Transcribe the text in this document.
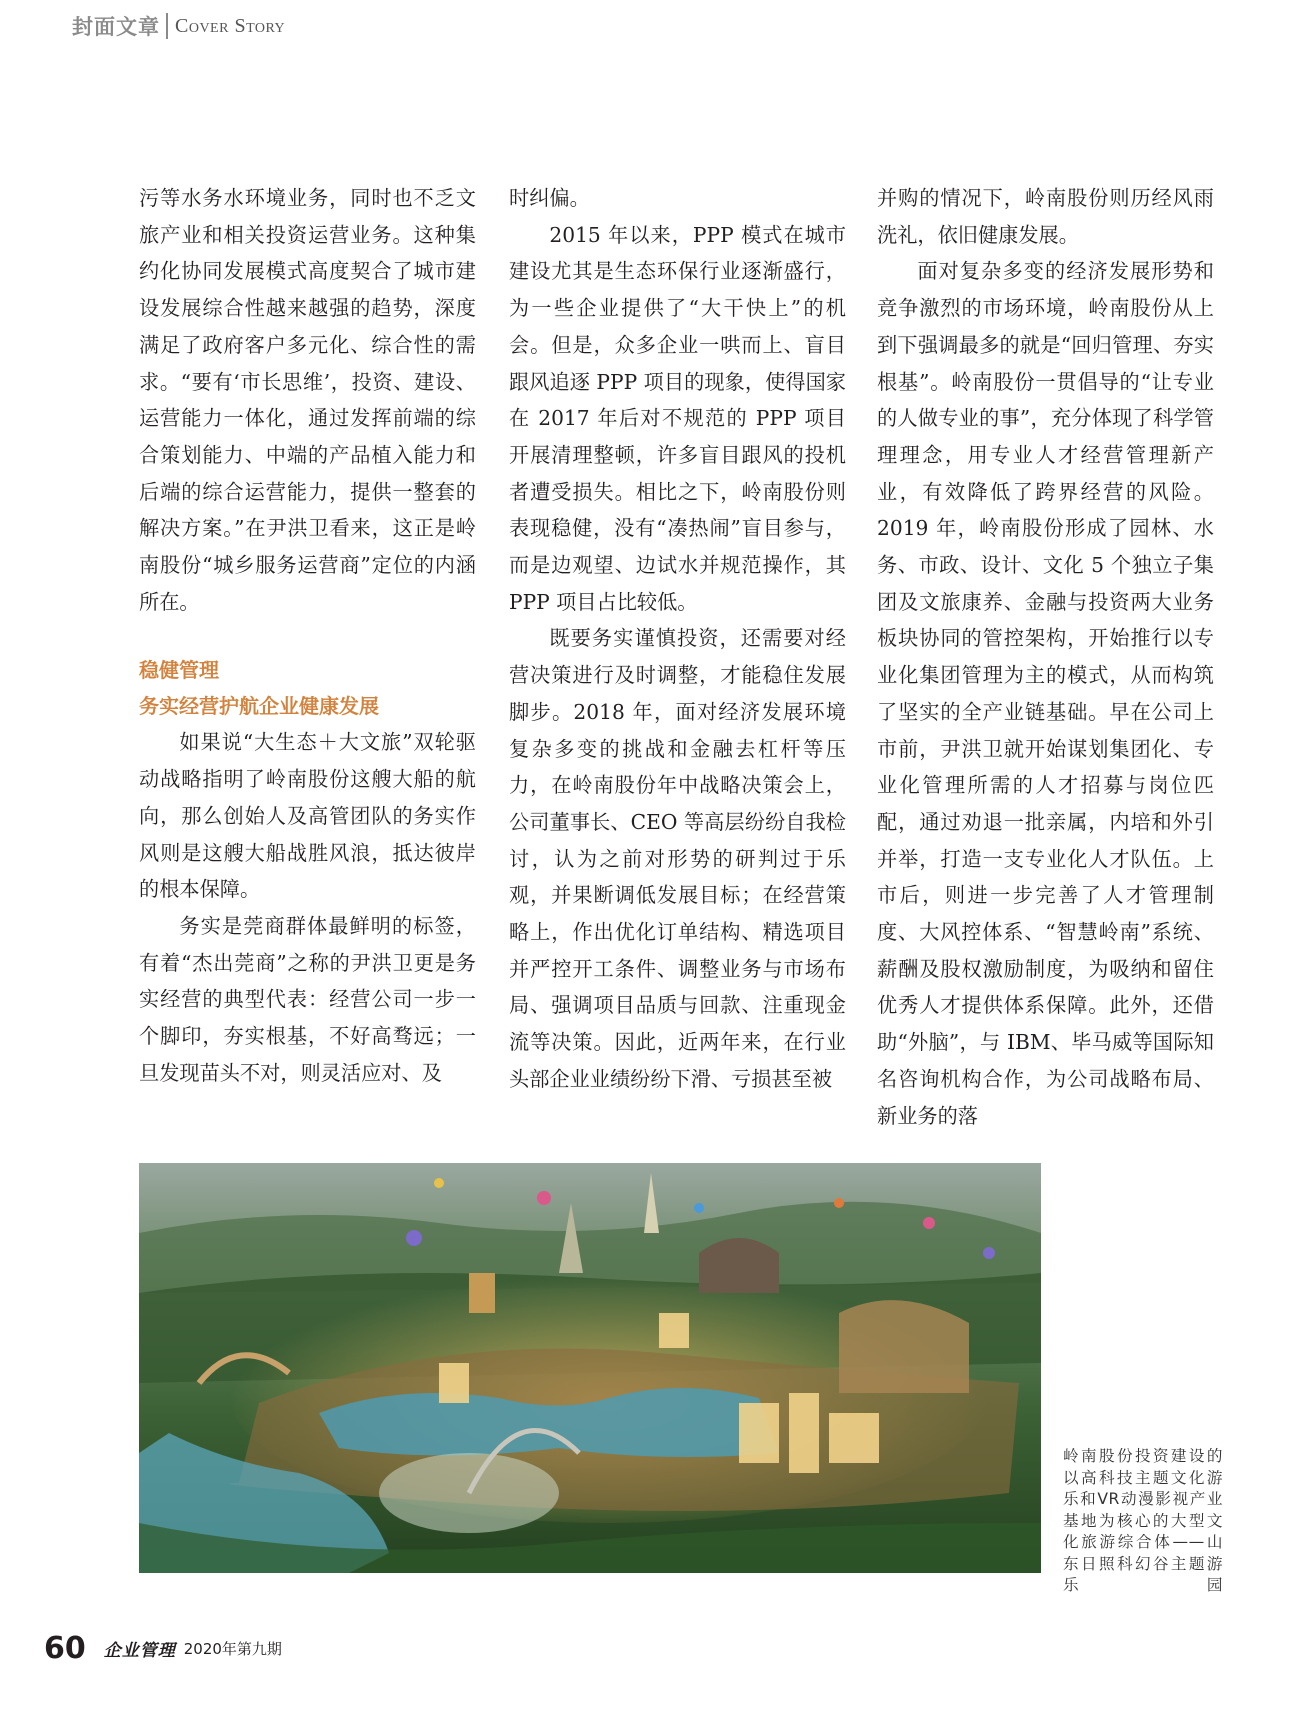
封面文章 Cover Story

污等水务水环境业务，同时也不乏文旅产业和相关投资运营业务。这种集约化协同发展模式高度契合了城市建设发展综合性越来越强的趋势，深度满足了政府客户多元化、综合性的需求。“要有‘市长思维’，投资、建设、运营能力一体化，通过发挥前端的综合策划能力、中端的产品植入能力和后端的综合运营能力，提供一整套的解决方案。”在尹洪卫看来，这正是岭南股份“城乡服务运营商”定位的内涵所在。

稳健管理
务实经营护航企业健康发展

如果说“大生态＋大文旅”双轮驱动战略指明了岭南股份这艘大船的航向，那么创始人及高管团队的务实作风则是这艘大船战胜风浪，抵达彼岸的根本保障。

务实是莞商群体最鲜明的标签，有着“杰出莞商”之称的尹洪卫更是务实经营的典型代表：经营公司一步一个脚印，夯实根基，不好高骛远；一旦发现苗头不对，则灵活应对、及

时纠偏。

2015 年以来，PPP 模式在城市建设尤其是生态环保行业逐渐盛行，为一些企业提供了“大干快上”的机会。但是，众多企业一哄而上、盲目跟风追逐 PPP 项目的现象，使得国家在 2017 年后对不规范的 PPP 项目开展清理整顿，许多盲目跟风的投机者遭受损失。相比之下，岭南股份则表现稳健，没有“凑热闹”盲目参与，而是边观望、边试水并规范操作，其 PPP 项目占比较低。

既要务实谨慎投资，还需要对经营决策进行及时调整，才能稳住发展脚步。2018 年，面对经济发展环境复杂多变的挑战和金融去杠杆等压力，在岭南股份年中战略决策会上，公司董事长、CEO 等高层纷纷自我检讨，认为之前对形势的研判过于乐观，并果断调低发展目标；在经营策略上，作出优化订单结构、精选项目并严控开工条件、调整业务与市场布局、强调项目品质与回款、注重现金流等决策。因此，近两年来，在行业头部企业业绩纷纷下滑、亏损甚至被

并购的情况下，岭南股份则历经风雨洗礼，依旧健康发展。

面对复杂多变的经济发展形势和竞争激烈的市场环境，岭南股份从上到下强调最多的就是“回归管理、夯实根基”。岭南股份一贯倡导的“让专业的人做专业的事”，充分体现了科学管理理念，用专业人才经营管理新产业，有效降低了跨界经营的风险。2019 年，岭南股份形成了园林、水务、市政、设计、文化 5 个独立子集团及文旅康养、金融与投资两大业务板块协同的管控架构，开始推行以专业化集团管理为主的模式，从而构筑了坚实的全产业链基础。早在公司上市前，尹洪卫就开始谋划集团化、专业化管理所需的人才招募与岗位匹配，通过劝退一批亲属，内培和外引并举，打造一支专业化人才队伍。上市后，则进一步完善了人才管理制度、大风控体系、“智慧岭南”系统、薪酬及股权激励制度，为吸纳和留住优秀人才提供体系保障。此外，还借助“外脑”，与 IBM、毕马威等国际知名咨询机构合作，为公司战略布局、新业务的落

岭南股份投资建设的以高科技主题文化游乐和VR动漫影视产业基地为核心的大型文化旅游综合体——山东日照科幻谷主题游乐园
60 企业管理 2020年第九期
